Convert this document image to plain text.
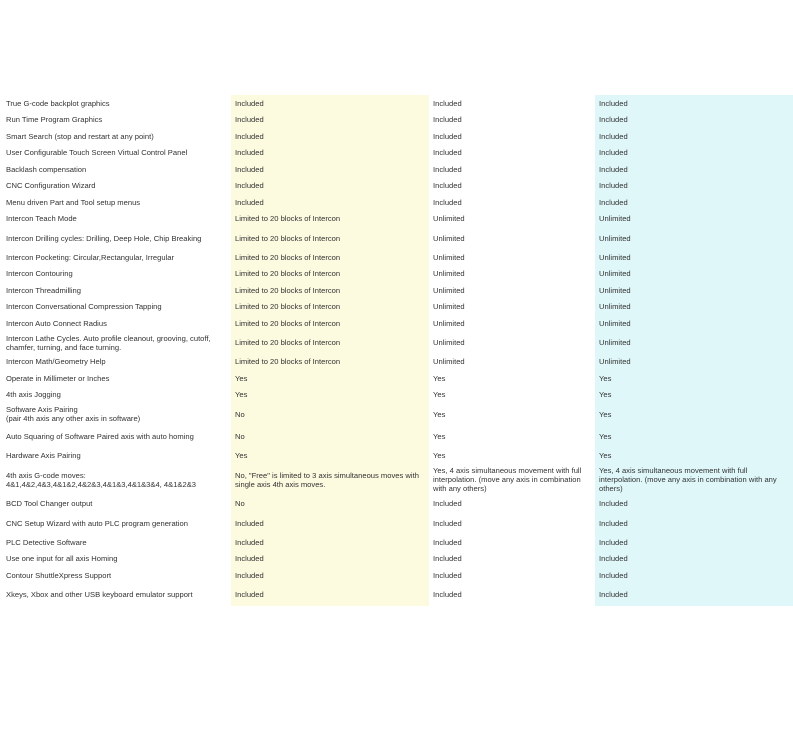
True G-code backplot graphics	Included	Included	Included
Run Time Program Graphics	Included	Included	Included
Smart Search (stop and restart at any point)	Included	Included	Included
User Configurable Touch Screen Virtual Control Panel	Included	Included	Included
Backlash compensation	Included	Included	Included
CNC Configuration Wizard	Included	Included	Included
Menu driven Part and Tool setup menus	Included	Included	Included
Intercon Teach Mode	Limited to 20 blocks of Intercon	Unlimited	Unlimited
Intercon Drilling cycles: Drilling, Deep Hole, Chip Breaking	Limited to 20 blocks of Intercon	Unlimited	Unlimited
Intercon Pocketing: Circular,Rectangular, Irregular	Limited to 20 blocks of Intercon	Unlimited	Unlimited
Intercon Contouring	Limited to 20 blocks of Intercon	Unlimited	Unlimited
Intercon Threadmilling	Limited to 20 blocks of Intercon	Unlimited	Unlimited
Intercon Conversational Compression Tapping	Limited to 20 blocks of Intercon	Unlimited	Unlimited
Intercon Auto Connect Radius	Limited to 20 blocks of Intercon	Unlimited	Unlimited
Intercon Lathe Cycles. Auto profile cleanout, grooving, cutoff, chamfer, turning, and face turning.	Limited to 20 blocks of Intercon	Unlimited	Unlimited
Intercon Math/Geometry Help	Limited to 20 blocks of Intercon	Unlimited	Unlimited
Operate in Millimeter or Inches	Yes	Yes	Yes
4th axis Jogging	Yes	Yes	Yes
Software Axis Pairing
(pair 4th axis any other axis in software)	No	Yes	Yes
Auto Squaring of Software Paired axis with auto homing	No	Yes	Yes
Hardware Axis Pairing	Yes	Yes	Yes
4th axis G-code moves:
4&1,4&2,4&3,4&1&2,4&2&3,4&1&3,4&1&3&4, 4&1&2&3	No, "Free" is limited to 3 axis simultaneous moves with single axis 4th axis moves.	Yes, 4 axis simultaneous movement with full interpolation. (move any axis in combination with any others)	Yes, 4 axis simultaneous movement with full interpolation. (move any axis in combination with any others)
BCD Tool Changer output	No	Included	Included
CNC Setup Wizard with auto PLC program generation	Included	Included	Included
PLC Detective Software	Included	Included	Included
Use one input for all axis Homing	Included	Included	Included
Contour ShuttleXpress Support	Included	Included	Included
Xkeys, Xbox and other USB keyboard emulator support	Included	Included	Included
